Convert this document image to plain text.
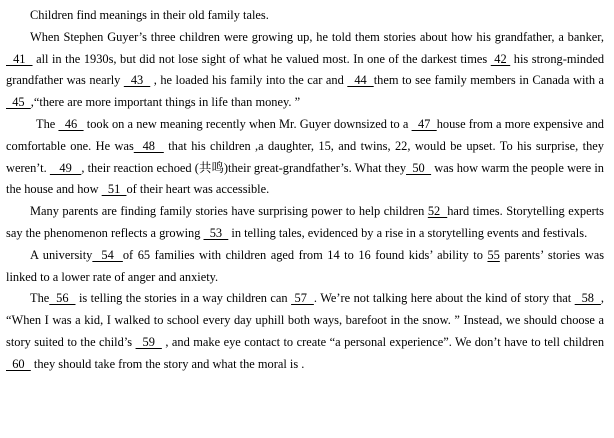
Children find meanings in their old family tales.

When Stephen Guyer’s three children were growing up, he told them stories about how his grandfather, a banker,   41   all in the 1930s, but did not lose sight of what he valued most. In one of the darkest times  42  his strong-minded grandfather was nearly   43   , he loaded his family into the car and   44  them to see family members in Canada with a   45  ,“there are more important things in life than money. ”

The   46   took on a new meaning recently when Mr. Guyer downsized to a   47  house from a more expensive and comfortable one. He was  48   that his children ,a daughter, 15, and twins, 22, would be upset. To his surprise, they weren’t.    49   , their reaction echoed (共鸣)their great-grandfather’s. What they  50   was how warm the people were in the house and how   51  of their heart was accessible.

Many parents are finding family stories have surprising power to help children 52  hard times. Storytelling experts say the phenomenon reflects a growing   53   in telling tales, evidenced by a rise in a storytelling events and festivals.

A university  54  of 65 families with children aged from 14 to 16 found kids’ ability to 55 parents’ stories was linked to a lower rate of anger and anxiety.

The  56   is telling the stories in a way children can  57  . We’re not talking here about the kind of story that   58  , “When I was a kid, I walked to school every day uphill both ways, barefoot in the snow. ” Instead, we should choose a story suited to the child’s   59   , and make eye contact to create “a personal experience”. We don’t have to tell children   60   they should take from the story and what the moral is .
